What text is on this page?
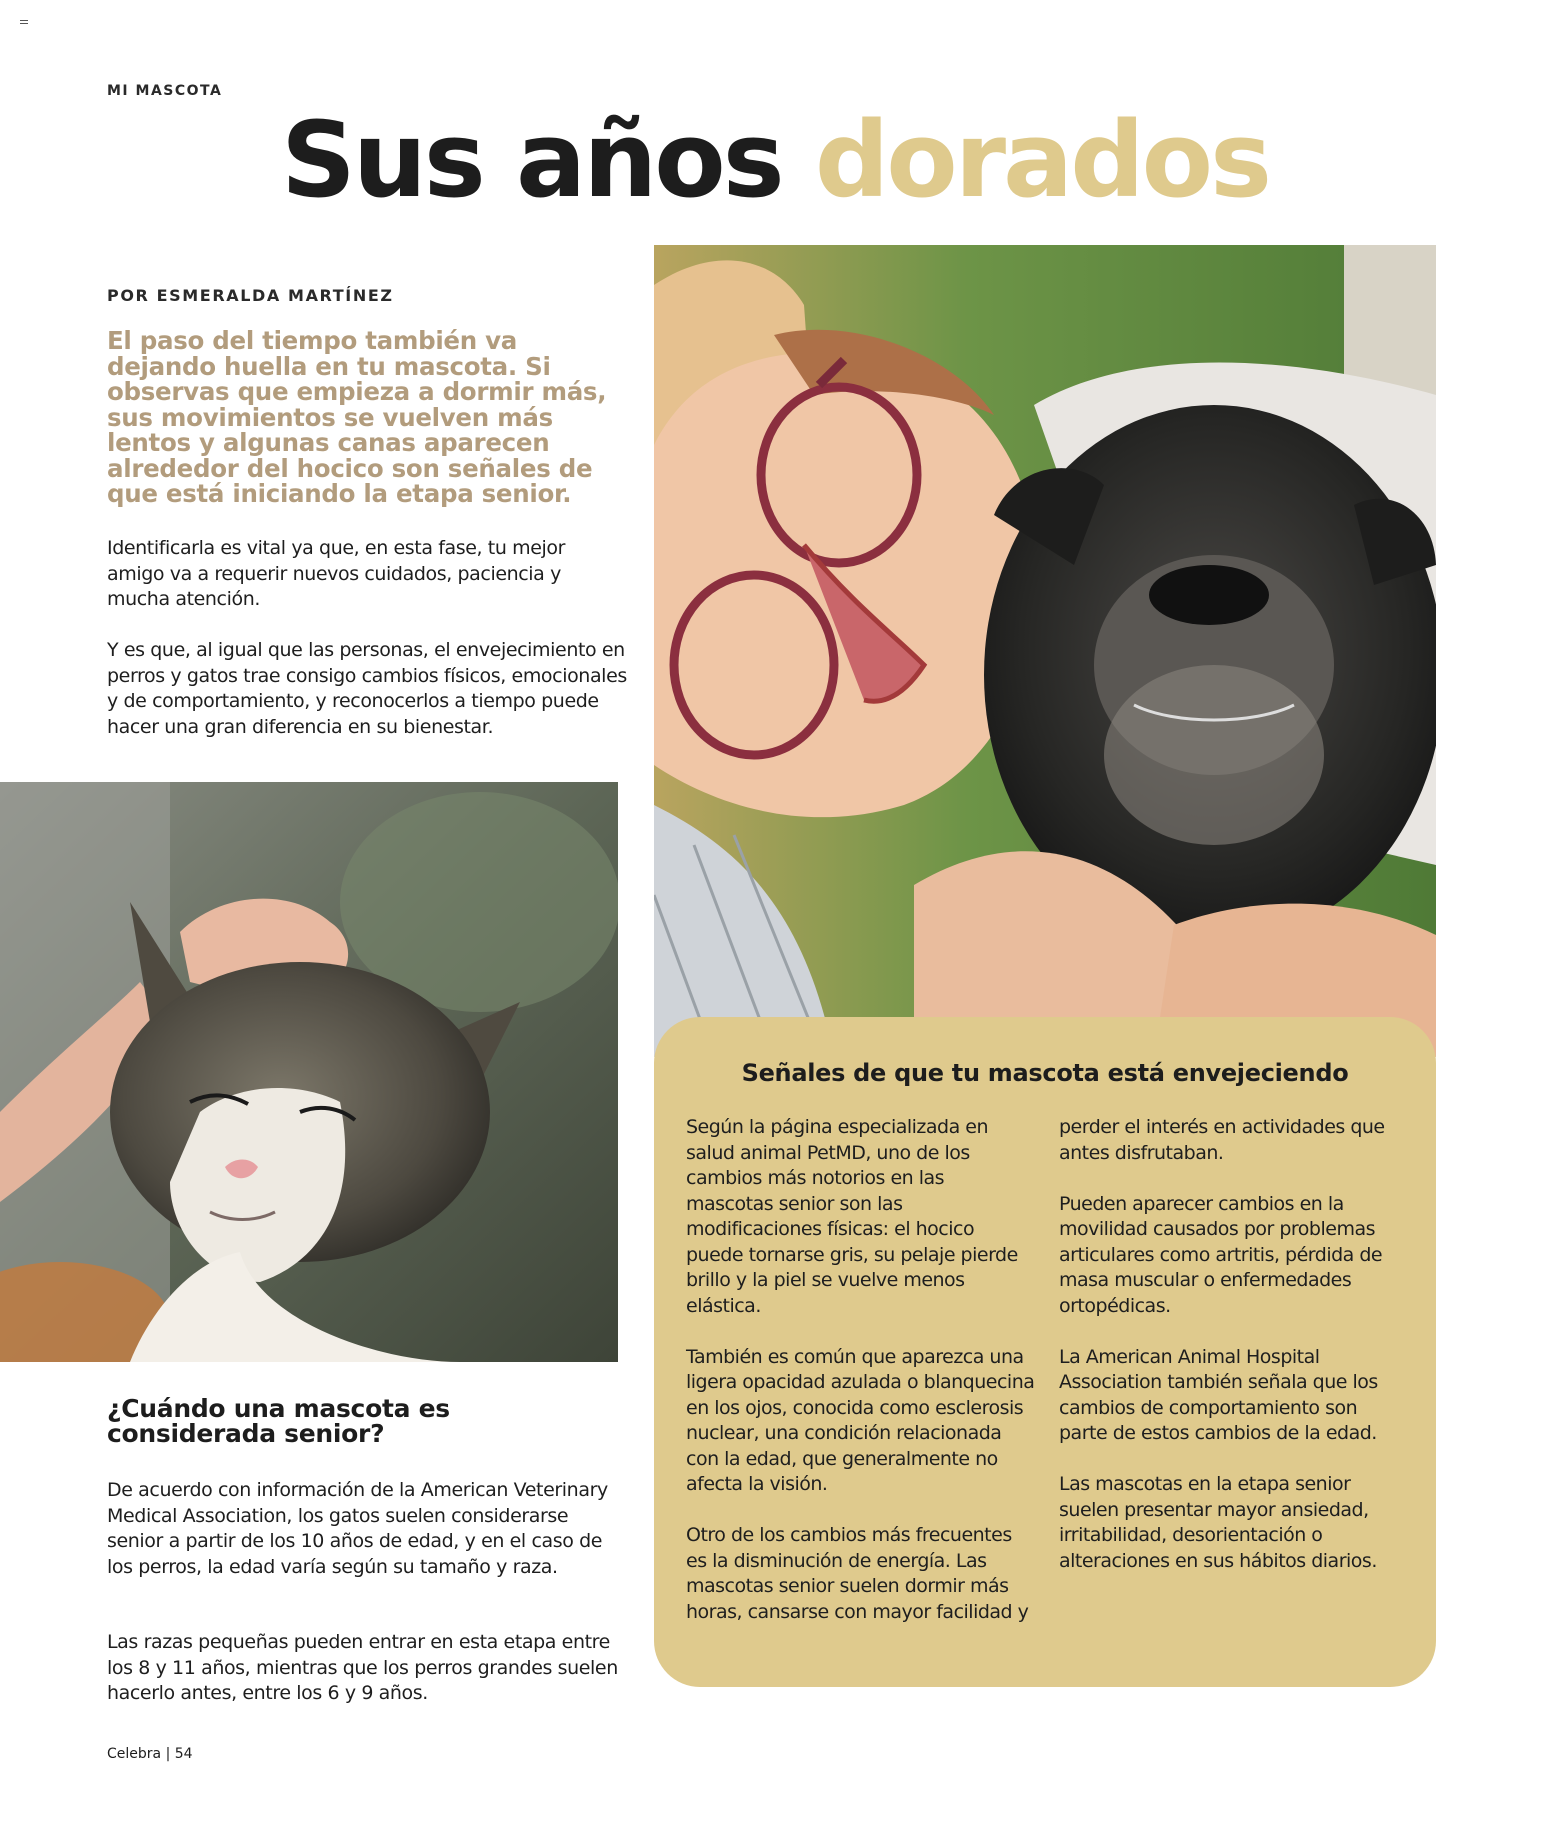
MI MASCOTA
Sus años dorados
POR ESMERALDA MARTÍNEZ

El paso del tiempo también va dejando huella en tu mascota. Si observas que empieza a dormir más, sus movimientos se vuelven más lentos y algunas canas aparecen alrededor del hocico son señales de que está iniciando la etapa senior.

Identificarla es vital ya que, en esta fase, tu mejor amigo va a requerir nuevos cuidados, paciencia y mucha atención.

Y es que, al igual que las personas, el envejecimiento en perros y gatos trae consigo cambios físicos, emocionales y de comportamiento, y reconocerlos a tiempo puede hacer una gran diferencia en su bienestar.

¿Cuándo una mascota es considerada senior?

De acuerdo con información de la American Veterinary Medical Association, los gatos suelen considerarse senior a partir de los 10 años de edad, y en el caso de los perros, la edad varía según su tamaño y raza.

Las razas pequeñas pueden entrar en esta etapa entre los 8 y 11 años, mientras que los perros grandes suelen hacerlo antes, entre los 6 y 9 años.

Señales de que tu mascota está envejeciendo

Según la página especializada en salud animal PetMD, uno de los cambios más notorios en las mascotas senior son las modificaciones físicas: el hocico puede tornarse gris, su pelaje pierde brillo y la piel se vuelve menos elástica.

También es común que aparezca una ligera opacidad azulada o blanquecina en los ojos, conocida como esclerosis nuclear, una condición relacionada con la edad, que generalmente no afecta la visión.

Otro de los cambios más frecuentes es la disminución de energía. Las mascotas senior suelen dormir más horas, cansarse con mayor facilidad y

perder el interés en actividades que antes disfrutaban.

Pueden aparecer cambios en la movilidad causados por problemas articulares como artritis, pérdida de masa muscular o enfermedades ortopédicas.

La American Animal Hospital Association también señala que los cambios de comportamiento son parte de estos cambios de la edad.

Las mascotas en la etapa senior suelen presentar mayor ansiedad, irritabilidad, desorientación o alteraciones en sus hábitos diarios.

Celebra | 54
